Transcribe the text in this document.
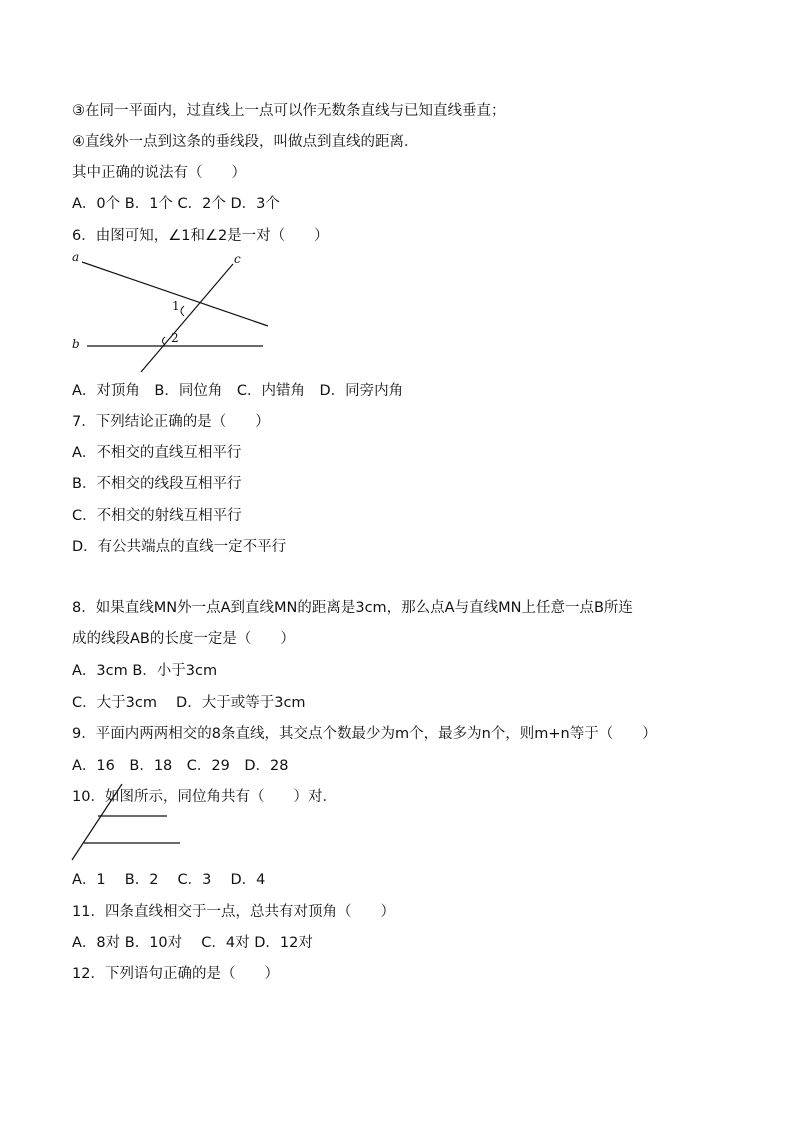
③在同一平面内，过直线上一点可以作无数条直线与已知直线垂直；
④直线外一点到这条的垂线段，叫做点到直线的距离．
其中正确的说法有（　　）
A．0个 B．1个 C．2个 D．3个
6．由图可知，∠1和∠2是一对（　　）
a
b
c
1
2
A．对顶角　B．同位角　C．内错角　D．同旁内角
7．下列结论正确的是（　　）
A．不相交的直线互相平行
B．不相交的线段互相平行
C．不相交的射线互相平行
D．有公共端点的直线一定不平行
8．如果直线MN外一点A到直线MN的距离是3cm，那么点A与直线MN上任意一点B所连
成的线段AB的长度一定是（　　）
A．3cm B．小于3cm
C．大于3cm　 D．大于或等于3cm
9．平面内两两相交的8条直线，其交点个数最少为m个，最多为n个，则m+n等于（　　）
A．16　B．18　C．29　D．28
10．如图所示，同位角共有（　　）对．
A．1　 B．2　 C．3　 D．4
11．四条直线相交于一点，总共有对顶角（　　）
A．8对 B．10对　 C．4对 D．12对
12．下列语句正确的是（　　）
